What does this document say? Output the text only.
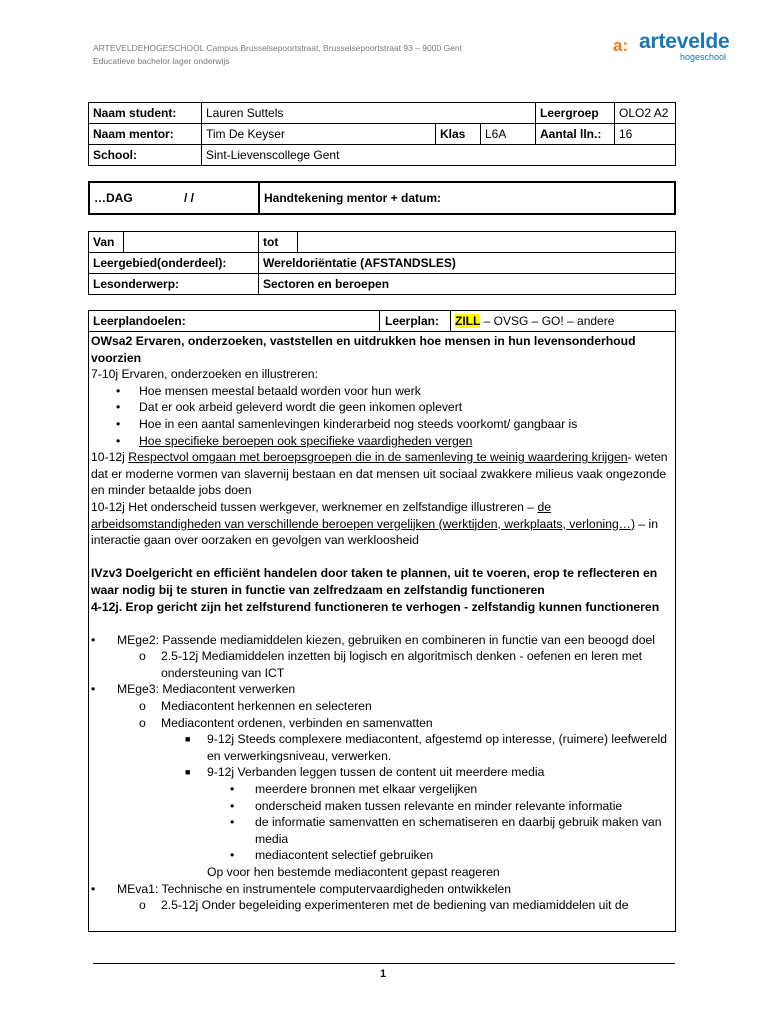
ARTEVELDEHOGESCHOOL Campus Brusselsepoortstraat, Brusselsepoortstraat 93 – 9000 Gent
Educatieve bachelor lager onderwijs
a: artevelde
hogeschool
Naam student:	Lauren Suttels			Leergroep	OLO2 A2
Naam mentor:	Tim De Keyser	Klas	L6A	Aantal lln.:	16
School:	Sint-Lievenscollege Gent				
…DAG	/ /	Handtekening mentor + datum:
Van		tot	
Leergebied(onderdeel):		Wereldoriëntatie (AFSTANDSLES)	
Lesonderwerp:		Sectoren en beroepen	
Leerplandoelen:	Leerplan: ZILL – OVSG – GO! – andere

OWsa2 Ervaren, onderzoeken, vaststellen en uitdrukken hoe mensen in hun levensonderhoud voorzien

7-10j Ervaren, onderzoeken en illustreren:

• Hoe mensen meestal betaald worden voor hun werk

• Dat er ook arbeid geleverd wordt die geen inkomen oplevert

• Hoe in een aantal samenlevingen kinderarbeid nog steeds voorkomt/ gangbaar is

• Hoe specifieke beroepen ook specifieke vaardigheden vergen

10-12j Respectvol omgaan met beroepsgroepen die in de samenleving te weinig waardering krijgen- weten dat er moderne vormen van slavernij bestaan en dat mensen uit sociaal zwakkere milieus vaak ongezonde en minder betaalde jobs doen

10-12j Het onderscheid tussen werkgever, werknemer en zelfstandige illustreren – de arbeidsomstandigheden van verschillende beroepen vergelijken (werktijden, werkplaats, verloning…) – in interactie gaan over oorzaken en gevolgen van werkloosheid

IVzv3 Doelgericht en efficiënt handelen door taken te plannen, uit te voeren, erop te reflecteren en waar nodig bij te sturen in functie van zelfredzaam en zelfstandig functioneren

4-12j. Erop gericht zijn het zelfsturend functioneren te verhogen - zelfstandig kunnen functioneren

• MEge2: Passende mediamiddelen kiezen, gebruiken en combineren in functie van een beoogd doel

o 2.5-12j Mediamiddelen inzetten bij logisch en algoritmisch denken - oefenen en leren met ondersteuning van ICT

• MEge3: Mediacontent verwerken

o Mediacontent herkennen en selecteren

o Mediacontent ordenen, verbinden en samenvatten

■ 9-12j Steeds complexere mediacontent, afgestemd op interesse, (ruimere) leefwereld en verwerkingsniveau, verwerken.

■ 9-12j Verbanden leggen tussen de content uit meerdere media

• meerdere bronnen met elkaar vergelijken

• onderscheid maken tussen relevante en minder relevante informatie

• de informatie samenvatten en schematiseren en daarbij gebruik maken van media

• mediacontent selectief gebruiken

Op voor hen bestemde mediacontent gepast reageren

• MEva1: Technische en instrumentele computervaardigheden ontwikkelen

o 2.5-12j Onder begeleiding experimenteren met de bediening van mediamiddelen uit de

1
